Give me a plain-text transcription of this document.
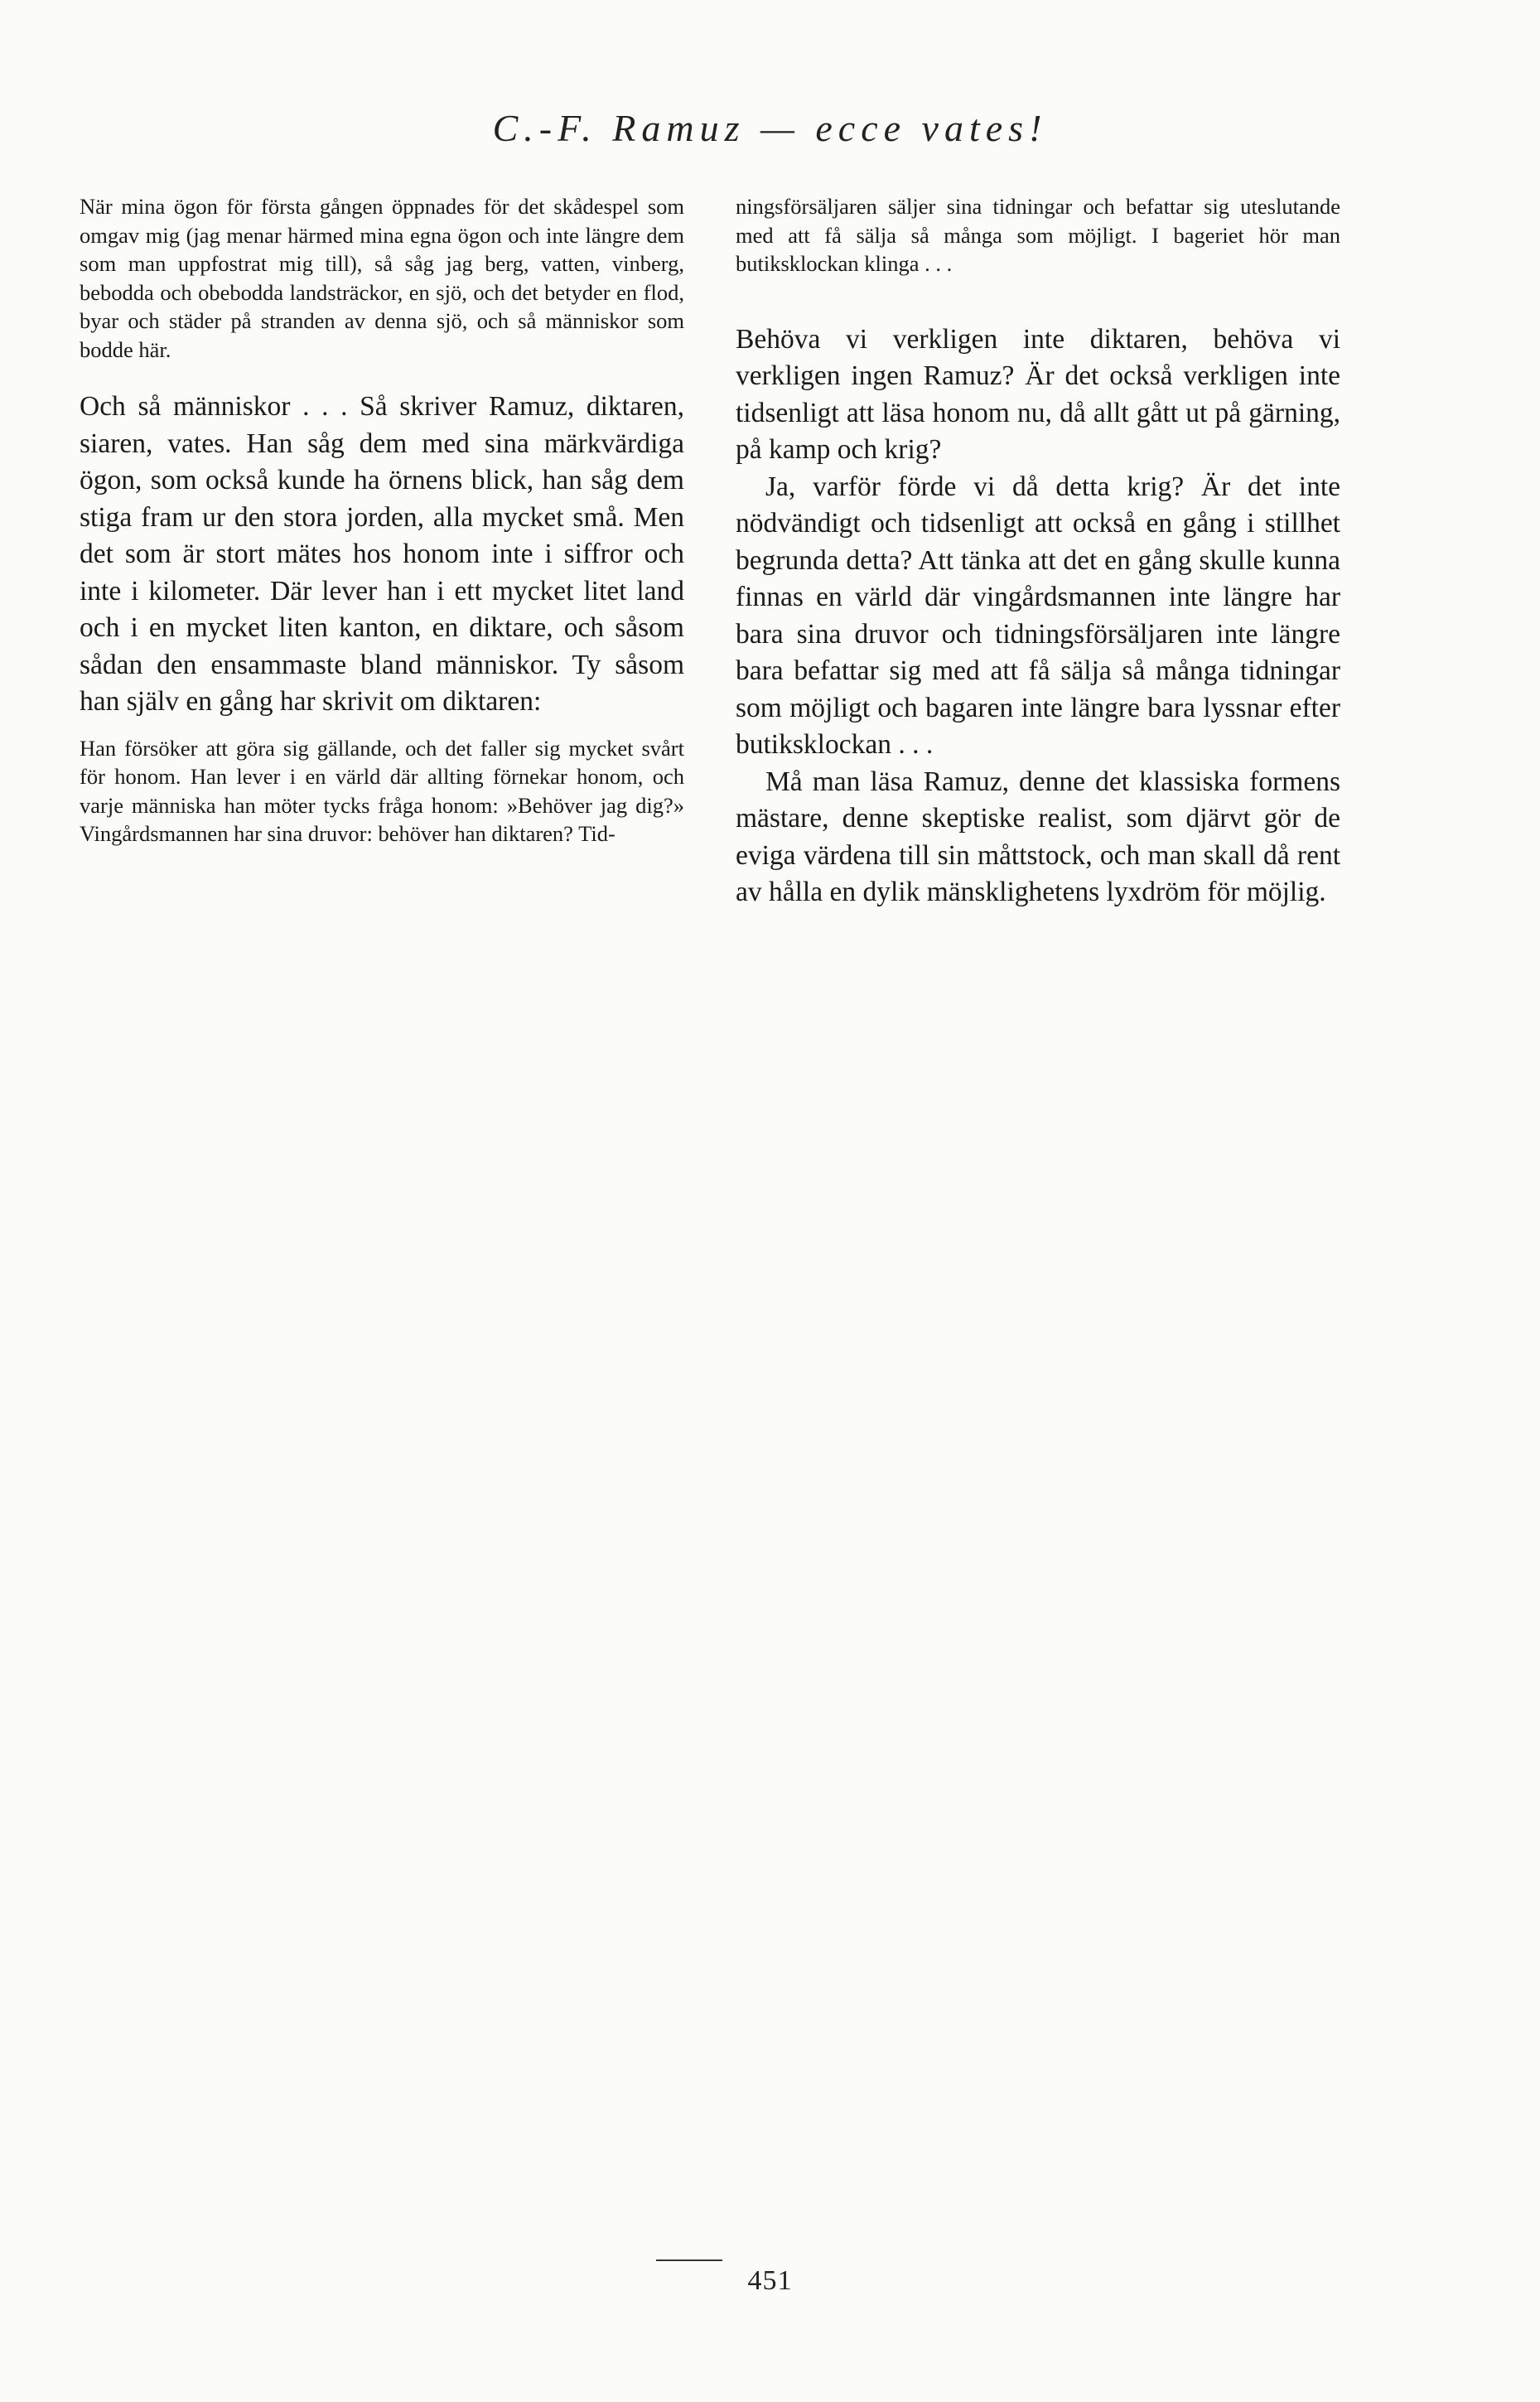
C.-F. Ramuz — ecce vates!

När mina ögon för första gången öppnades för det skådespel som omgav mig (jag menar härmed mina egna ögon och inte längre dem som man uppfostrat mig till), så såg jag berg, vatten, vinberg, bebodda och obebodda landsträckor, en sjö, och det betyder en flod, byar och städer på stranden av denna sjö, och så människor som bodde här.

Och så människor . . . Så skriver Ramuz, diktaren, siaren, vates. Han såg dem med sina märkvärdiga ögon, som också kunde ha örnens blick, han såg dem stiga fram ur den stora jorden, alla mycket små. Men det som är stort mätes hos honom inte i siffror och inte i kilometer. Där lever han i ett mycket litet land och i en mycket liten kanton, en diktare, och såsom sådan den ensammaste bland människor. Ty såsom han själv en gång har skrivit om diktaren:

Han försöker att göra sig gällande, och det faller sig mycket svårt för honom. Han lever i en värld där allting förnekar honom, och varje människa han möter tycks fråga honom: »Behöver jag dig?» Vingårdsmannen har sina druvor: behöver han diktaren? Tid-

ningsförsäljaren säljer sina tidningar och befattar sig uteslutande med att få sälja så många som möjligt. I bageriet hör man butiksklockan klinga . . .

Behöva vi verkligen inte diktaren, behöva vi verkligen ingen Ramuz? Är det också verkligen inte tidsenligt att läsa honom nu, då allt gått ut på gärning, på kamp och krig?

Ja, varför förde vi då detta krig? Är det inte nödvändigt och tidsenligt att också en gång i stillhet begrunda detta? Att tänka att det en gång skulle kunna finnas en värld där vingårdsmannen inte längre har bara sina druvor och tidningsförsäljaren inte längre bara befattar sig med att få sälja så många tidningar som möjligt och bagaren inte längre bara lyssnar efter butiksklockan . . .

Må man läsa Ramuz, denne det klassiska formens mästare, denne skeptiske realist, som djärvt gör de eviga värdena till sin måttstock, och man skall då rent av hålla en dylik mänsklighetens lyxdröm för möjlig.

451
